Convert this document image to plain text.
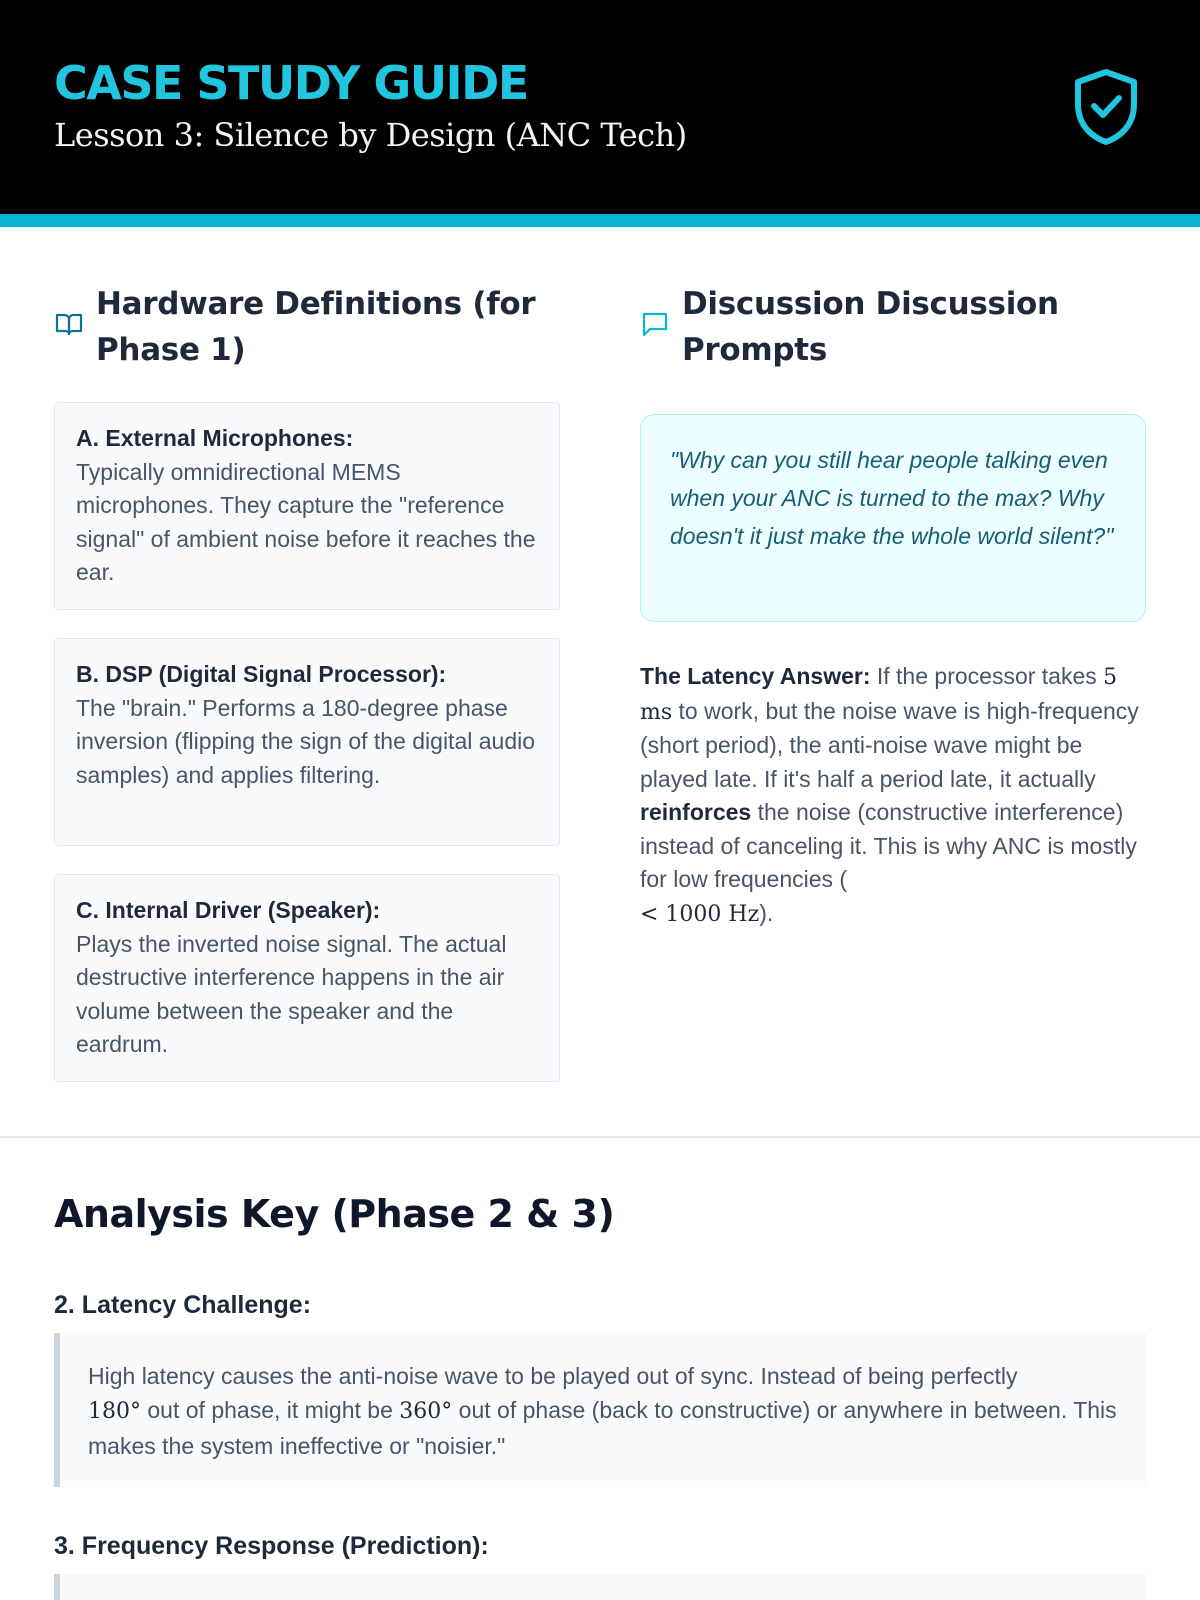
CASE STUDY GUIDE
Lesson 3: Silence by Design (ANC Tech)
Hardware Definitions (for Phase 1)
A. External Microphones:
Typically omnidirectional MEMS microphones. They capture the "reference signal" of ambient noise before it reaches the ear.
B. DSP (Digital Signal Processor):
The "brain." Performs a 180-degree phase inversion (flipping the sign of the digital audio samples) and applies filtering.
C. Internal Driver (Speaker):
Plays the inverted noise signal. The actual destructive interference happens in the air volume between the speaker and the eardrum.
Discussion Discussion Prompts
"Why can you still hear people talking even when your ANC is turned to the max? Why doesn't it just make the whole world silent?"
The Latency Answer: If the processor takes 5 ms to work, but the noise wave is high-frequency (short period), the anti-noise wave might be played late. If it's half a period late, it actually reinforces the noise (constructive interference) instead of canceling it. This is why ANC is mostly for low frequencies (
< 1000 Hz).
Analysis Key (Phase 2 & 3)
2. Latency Challenge:
High latency causes the anti-noise wave to be played out of sync. Instead of being perfectly
180° out of phase, it might be 360° out of phase (back to constructive) or anywhere in between. This makes the system ineffective or "noisier."
3. Frequency Response (Prediction):
